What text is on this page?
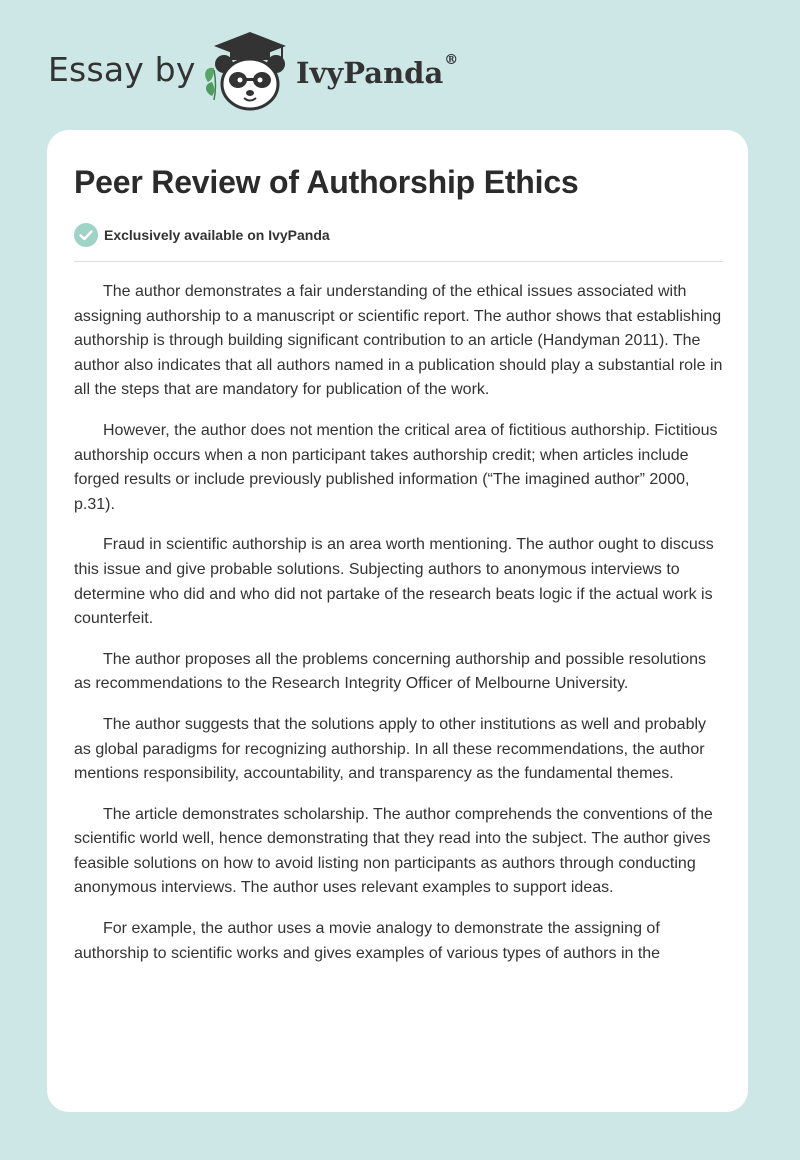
Essay by	IvyPanda®
Peer Review of Authorship Ethics
Exclusively available on IvyPanda

The author demonstrates a fair understanding of the ethical issues associated with assigning authorship to a manuscript or scientific report. The author shows that establishing authorship is through building significant contribution to an article (Handyman 2011). The author also indicates that all authors named in a publication should play a substantial role in all the steps that are mandatory for publication of the work.

However, the author does not mention the critical area of fictitious authorship. Fictitious authorship occurs when a non participant takes authorship credit; when articles include forged results or include previously published information (“The imagined author” 2000, p.31).

Fraud in scientific authorship is an area worth mentioning. The author ought to discuss this issue and give probable solutions. Subjecting authors to anonymous interviews to determine who did and who did not partake of the research beats logic if the actual work is counterfeit.

The author proposes all the problems concerning authorship and possible resolutions as recommendations to the Research Integrity Officer of Melbourne University.

The author suggests that the solutions apply to other institutions as well and probably as global paradigms for recognizing authorship. In all these recommendations, the author mentions responsibility, accountability, and transparency as the fundamental themes.

The article demonstrates scholarship. The author comprehends the conventions of the scientific world well, hence demonstrating that they read into the subject. The author gives feasible solutions on how to avoid listing non participants as authors through conducting anonymous interviews. The author uses relevant examples to support ideas.

For example, the author uses a movie analogy to demonstrate the assigning of authorship to scientific works and gives examples of various types of authors in the
